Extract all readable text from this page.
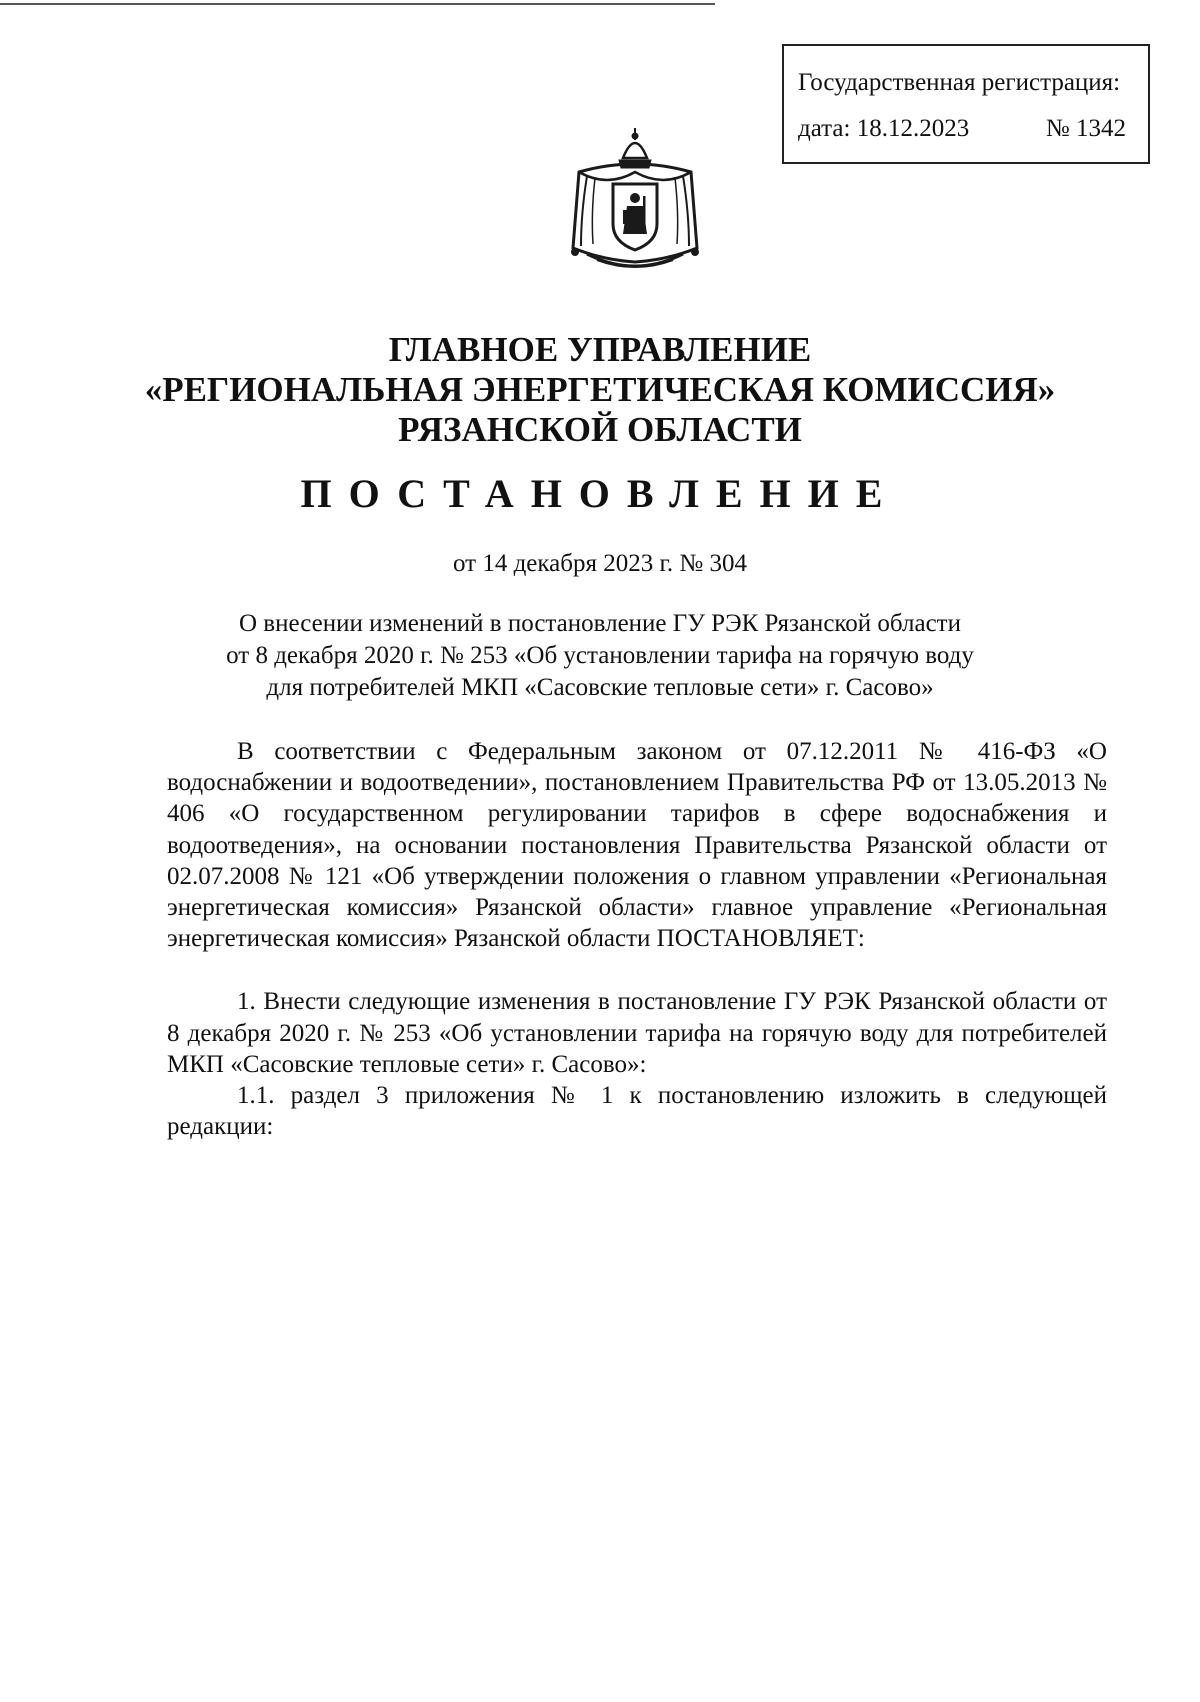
Государственная регистрация:
дата: 18.12.2023	№ 1342
ГЛАВНОЕ УПРАВЛЕНИЕ
«РЕГИОНАЛЬНАЯ ЭНЕРГЕТИЧЕСКАЯ КОМИССИЯ»
РЯЗАНСКОЙ ОБЛАСТИ
ПОСТАНОВЛЕНИЕ
от 14 декабря 2023 г. № 304
О внесении изменений в постановление ГУ РЭК Рязанской области
от 8 декабря 2020 г. № 253 «Об установлении тарифа на горячую воду
для потребителей МКП «Сасовские тепловые сети» г. Сасово»

В соответствии с Федеральным законом от 07.12.2011 № 416-ФЗ «О водоснабжении и водоотведении», постановлением Правительства РФ от 13.05.2013 № 406 «О государственном регулировании тарифов в сфере водоснабжения и водоотведения», на основании постановления Правительства Рязанской области от 02.07.2008 № 121 «Об утверждении положения о главном управлении «Региональная энергетическая комиссия» Рязанской области» главное управление «Региональная энергетическая комиссия» Рязанской области ПОСТАНОВЛЯЕТ:

1. Внести следующие изменения в постановление ГУ РЭК Рязанской области от 8 декабря 2020 г. № 253 «Об установлении тарифа на горячую воду для потребителей МКП «Сасовские тепловые сети» г. Сасово»:

1.1. раздел 3 приложения № 1 к постановлению изложить в следующей редакции:
